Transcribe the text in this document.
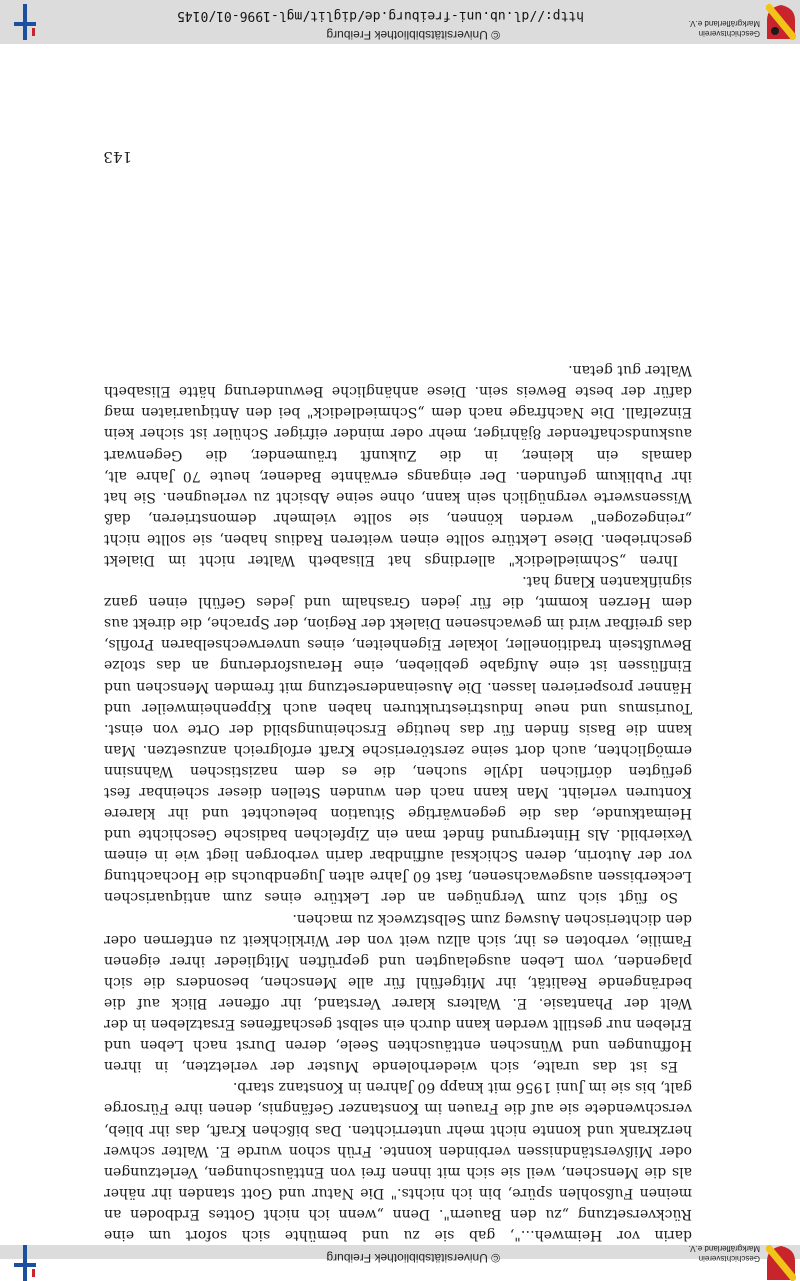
Geschichtsverein
Markgräflerland e.V.
© Universitätsbibliothek Freiburg

darin vor Heimweh…", gab sie zu und bemühte sich sofort um eine Rückversetzung „zu den Bauern". Denn „wenn ich nicht Gottes Erdboden an meinen Fußsohlen spüre, bin ich nichts." Die Natur und Gott standen ihr näher als die Menschen, weil sie sich mit ihnen frei von Enttäuschungen, Verletzungen oder Mißverständnissen verbinden konnte. Früh schon wurde E. Walter schwer herzkrank und konnte nicht mehr unterrichten. Das bißchen Kraft, das ihr blieb, verschwendete sie auf die Frauen im Konstanzer Gefängnis, denen ihre Fürsorge galt, bis sie im Juni 1956 mit knapp 60 Jahren in Konstanz starb.

Es ist das uralte, sich wiederholende Muster der verletzten, in ihren Hoffnungen und Wünschen enttäuschten Seele, deren Durst nach Leben und Erleben nur gestillt werden kann durch ein selbst geschaffenes Ersatzleben in der Welt der Phantasie. E. Walters klarer Verstand, ihr offener Blick auf die bedrängende Realität, ihr Mitgefühl für alle Menschen, besonders die sich plagenden, vom Leben ausgelaugten und geprüften Mitglieder ihrer eigenen Familie, verboten es ihr, sich allzu weit von der Wirklichkeit zu entfernen oder den dichterischen Ausweg zum Selbstzweck zu machen.

So fügt sich zum Vergnügen an der Lektüre eines zum antiquarischen Leckerbissen ausgewachsenen, fast 60 Jahre alten Jugendbuchs die Hochachtung vor der Autorin, deren Schicksal auffindbar darin verborgen liegt wie in einem Vexierbild. Als Hintergrund findet man ein Zipfelchen badische Geschichte und Heimatkunde, das die gegenwärtige Situation beleuchtet und ihr klarere Konturen verleiht. Man kann nach den wunden Stellen dieser scheinbar fest gefügten dörflichen Idylle suchen, die es dem nazistischen Wahnsinn ermöglichten, auch dort seine zerstörerische Kraft erfolgreich anzusetzen. Man kann die Basis finden für das heutige Erscheinungsbild der Orte von einst. Tourismus und neue Industriestrukturen haben auch Kippenheimweiler und Hänner prosperieren lassen. Die Auseinandersetzung mit fremden Menschen und Einflüssen ist eine Aufgabe geblieben, eine Herausforderung an das stolze Bewußtsein traditioneller, lokaler Eigenheiten, eines unverwechselbaren Profils, das greifbar wird im gewachsenen Dialekt der Region, der Sprache, die direkt aus dem Herzen kommt, die für jeden Grashalm und jedes Gefühl einen ganz signifikanten Klang hat.

Ihren „Schmiedledick" allerdings hat Elisabeth Walter nicht im Dialekt geschrieben. Diese Lektüre sollte einen weiteren Radius haben, sie sollte nicht „reingezogen" werden können, sie sollte vielmehr demonstrieren, daß Wissenswerte vergnüglich sein kann, ohne seine Absicht zu verleugnen. Sie hat ihr Publikum gefunden. Der eingangs erwähnte Badener, heute 70 Jahre alt, damals ein kleiner, in die Zukunft träumender, die Gegenwart auskundschaftender 8jähriger, mehr oder minder eifriger Schüler ist sicher kein Einzelfall. Die Nachfrage nach dem „Schmiedledick" bei den Antiquariaten mag dafür der beste Beweis sein. Diese anhängliche Bewunderung hätte Elisabeth Walter gut getan.

143
Geschichtsverein
Markgräflerland e.V.
© Universitätsbibliothek Freiburg
http://dl.ub.uni-freiburg.de/diglit/mgl-1996-01/0145
